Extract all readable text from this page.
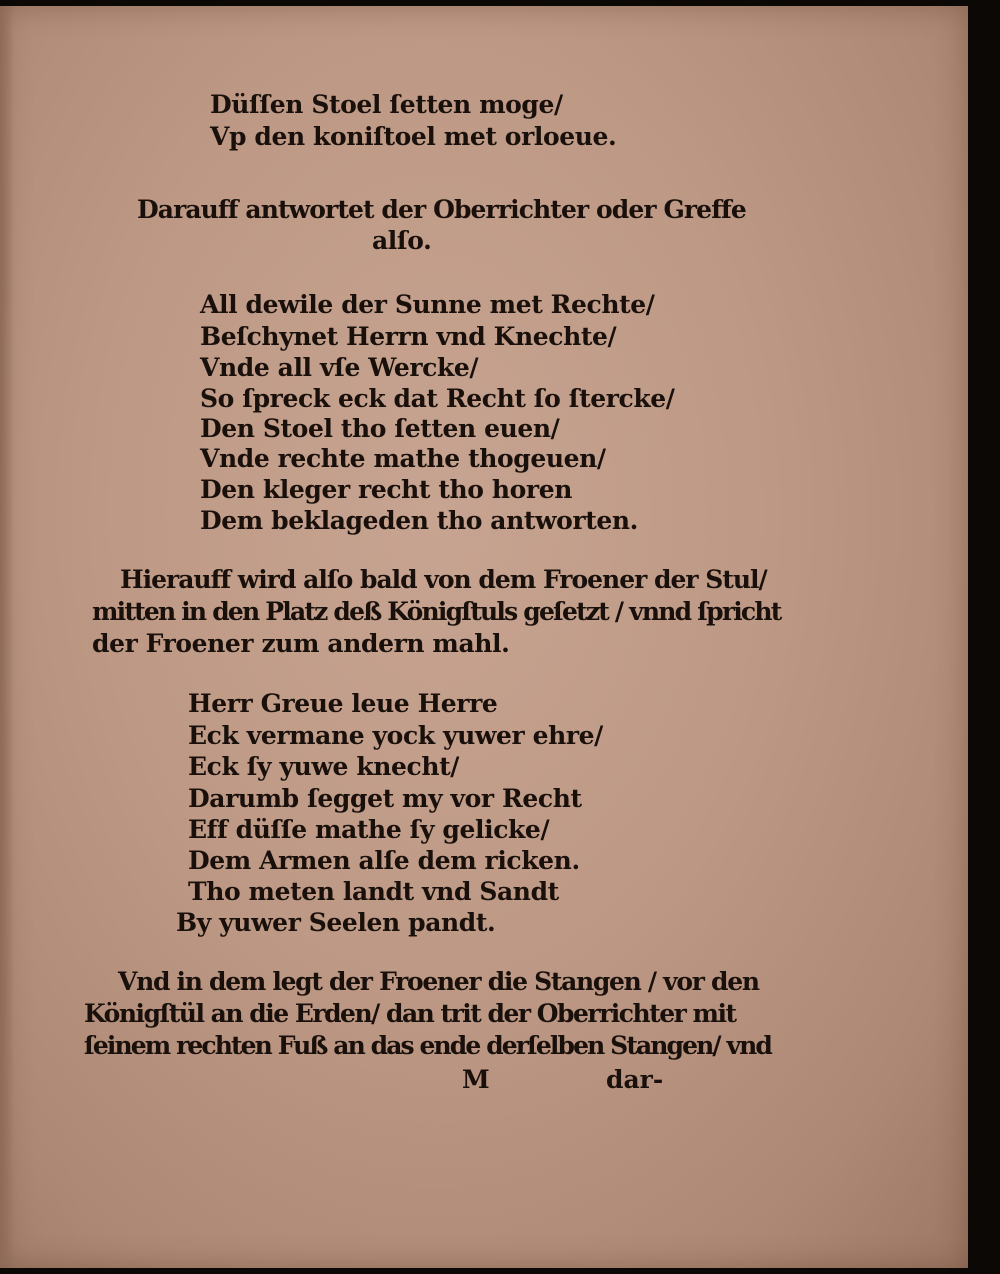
Düſſen Stoel ſetten moge/
Vp den koniſtoel met orloeue.
Darauff antwortet der Oberrichter oder Greffe
alſo.
All dewile der Sunne met Rechte/
Beſchynet Herrn vnd Knechte/
Vnde all vſe Wercke/
So ſpreck eck dat Recht ſo ſtercke/
Den Stoel tho ſetten euen/
Vnde rechte mathe thogeuen/
Den kleger recht tho horen
Dem beklageden tho antworten.
Hierauff wird alſo bald von dem Froener der Stul/
mitten in den Platz deß Königſtuls geſetzt / vnnd ſpricht
der Froener zum andern mahl.
Herr Greue leue Herre
Eck vermane yock yuwer ehre/
Eck ſy yuwe knecht/
Darumb ſegget my vor Recht
Eff düſſe mathe ſy gelicke/
Dem Armen alſe dem ricken.
Tho meten landt vnd Sandt
By yuwer Seelen pandt.
Vnd in dem legt der Froener die Stangen / vor den
Königſtül an die Erden/ dan trit der Oberrichter mit
ſeinem rechten Fuß an das ende derſelben Stangen/ vnd
M	dar-
